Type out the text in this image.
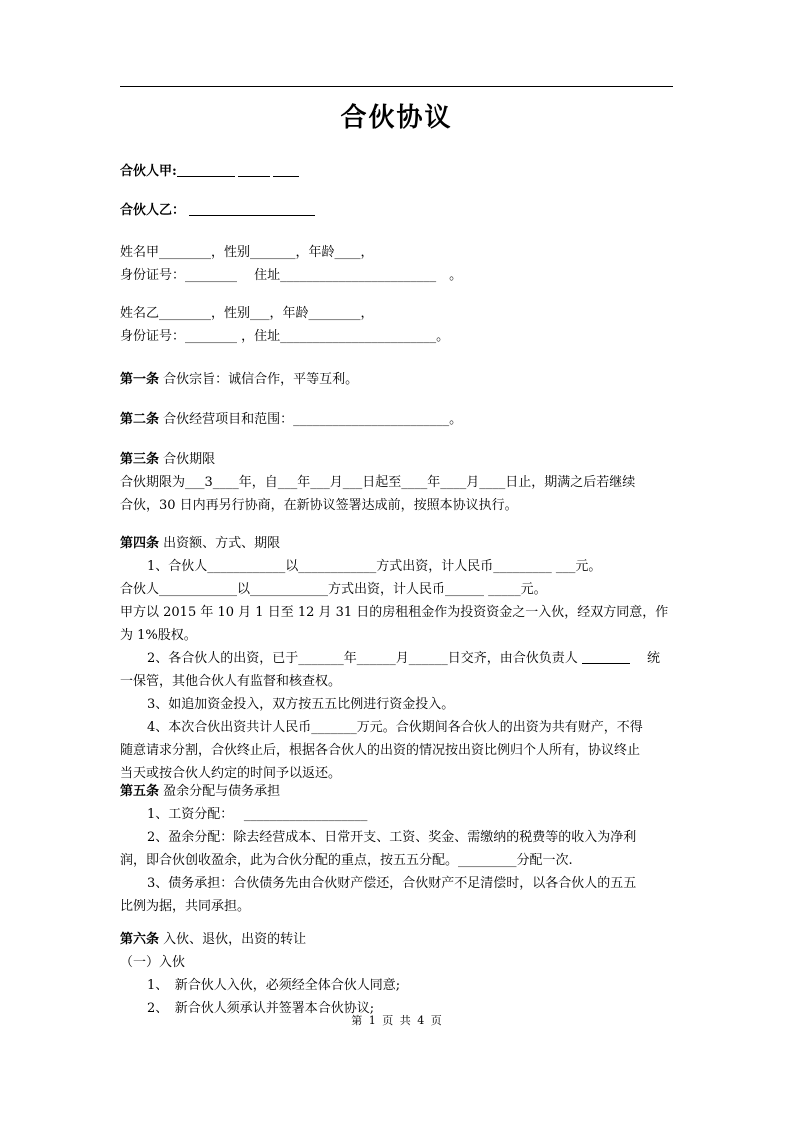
合伙协议
合伙人甲:
合伙人乙：
姓名甲________，性别_______，年龄____，
身份证号：________　 住址________________________　。
姓名乙________，性别___，年龄________，
身份证号：________ ，住址________________________。
第一条 合伙宗旨：诚信合作，平等互利。
第二条 合伙经营项目和范围：________________________。
第三条 合伙期限
合伙期限为___3____年，自___年___月___日起至____年____月____日止，期满之后若继续
合伙，30 日内再另行协商，在新协议签署达成前，按照本协议执行。
第四条 出资额、方式、期限
1、合伙人____________以____________方式出资，计人民币_________ ___元。
合伙人____________以____________方式出资，计人民币______ _____元。
甲方以 2015 年 10 月 1 日至 12 月 31 日的房租租金作为投资资金之一入伙，经双方同意，作
为 1%股权。
2、各合伙人的出资，已于_______年______月______日交齐，由合伙负责人	　 统
一保管，其他合伙人有监督和核查权。
3、如追加资金投入，双方按五五比例进行资金投入。
4、本次合伙出资共计人民币_______万元。合伙期间各合伙人的出资为共有财产，不得
随意请求分割，合伙终止后，根据各合伙人的出资的情况按出资比例归个人所有，协议终止
当天或按合伙人约定的时间予以返还。
第五条 盈余分配与债务承担
1、工资分配：　 ___________________
2、盈余分配：除去经营成本、日常开支、工资、奖金、需缴纳的税费等的收入为净利
润，即合伙创收盈余，此为合伙分配的重点，按五五分配。_________分配一次.
3、债务承担：合伙债务先由合伙财产偿还，合伙财产不足清偿时，以各合伙人的五五
比例为据，共同承担。
第六条 入伙、退伙，出资的转让
（一）入伙
1、　新合伙人入伙，必须经全体合伙人同意;
2、　新合伙人须承认并签署本合伙协议;
第 1 页 共 4 页
